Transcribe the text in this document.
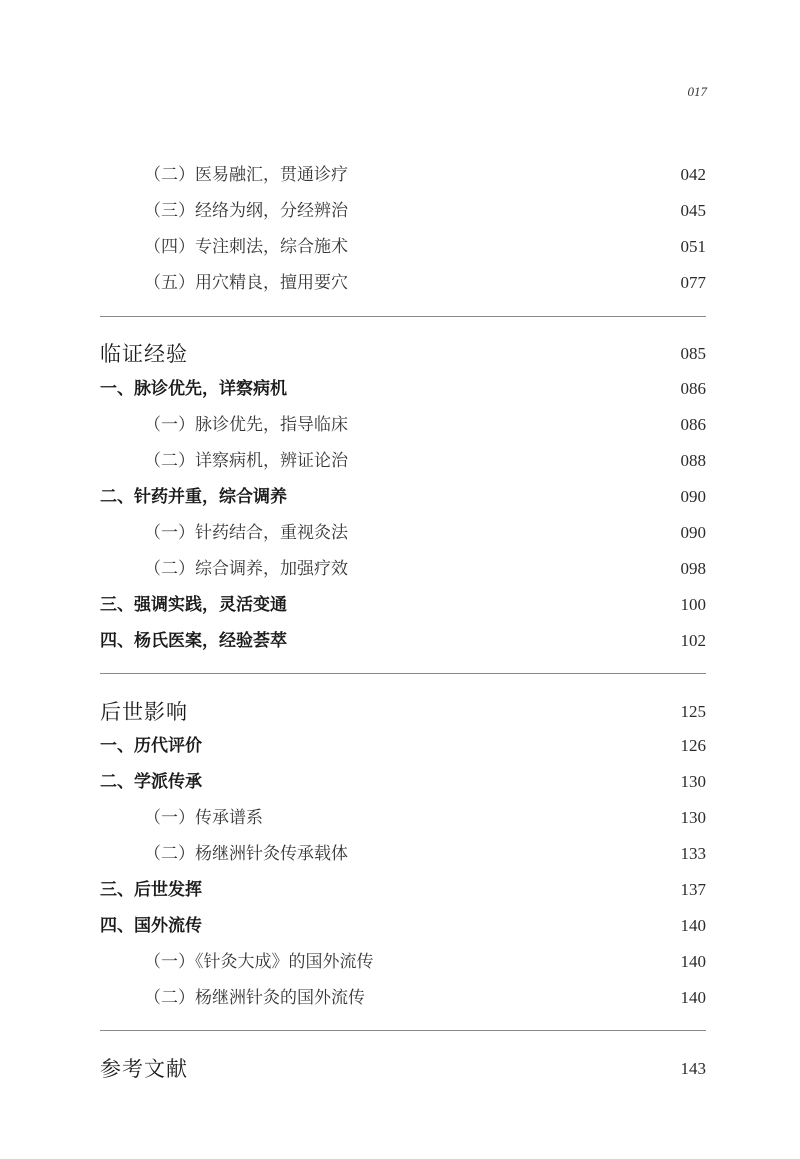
017
（二）医易融汇，贯通诊疗	042
（三）经络为纲，分经辨治	045
（四）专注刺法，综合施术	051
（五）用穴精良，擅用要穴	077
临证经验	085
一、脉诊优先，详察病机	086
（一）脉诊优先，指导临床	086
（二）详察病机，辨证论治	088
二、针药并重，综合调养	090
（一）针药结合，重视灸法	090
（二）综合调养，加强疗效	098
三、强调实践，灵活变通	100
四、杨氏医案，经验荟萃	102
后世影响	125
一、历代评价	126
二、学派传承	130
（一）传承谱系	130
（二）杨继洲针灸传承载体	133
三、后世发挥	137
四、国外流传	140
（一）《针灸大成》的国外流传	140
（二）杨继洲针灸的国外流传	140
参考文献	143
